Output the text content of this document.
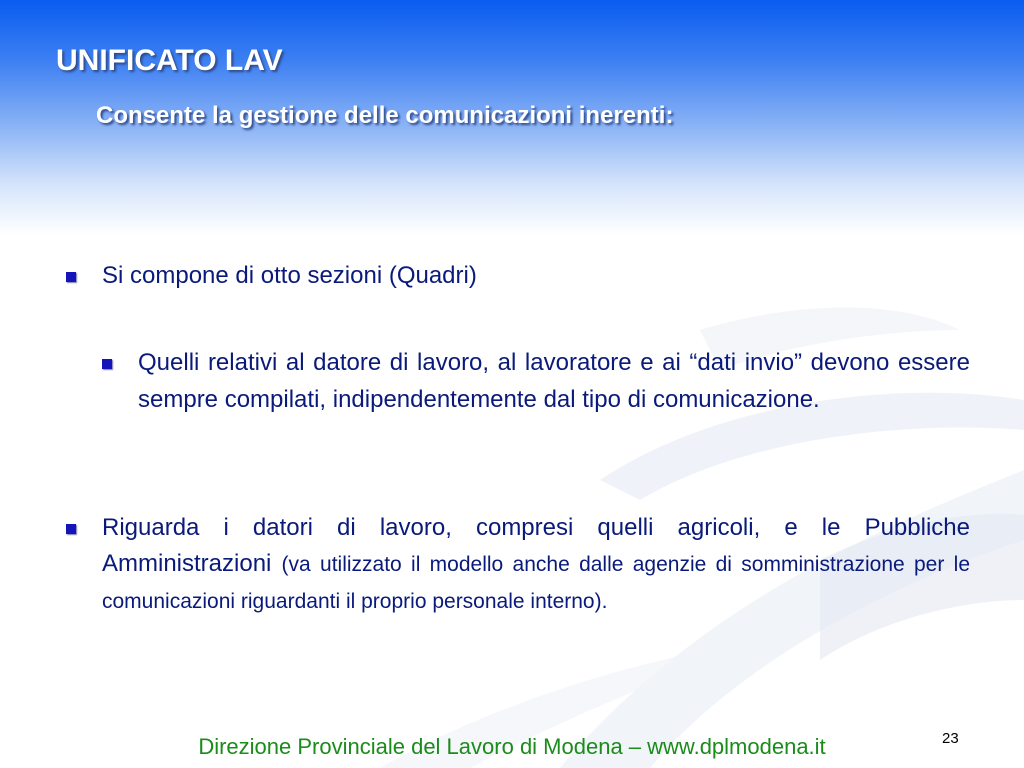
UNIFICATO LAV
Consente la gestione delle comunicazioni inerenti:
Si compone di otto sezioni (Quadri)
Quelli relativi al datore di lavoro, al lavoratore e ai “dati invio” devono essere sempre compilati, indipendentemente dal tipo di comunicazione.
Riguarda i datori di lavoro, compresi quelli agricoli, e le Pubbliche Amministrazioni (va utilizzato il modello anche dalle agenzie di somministrazione per le comunicazioni riguardanti il proprio personale interno).
Direzione Provinciale del Lavoro di Modena – www.dplmodena.it	23
